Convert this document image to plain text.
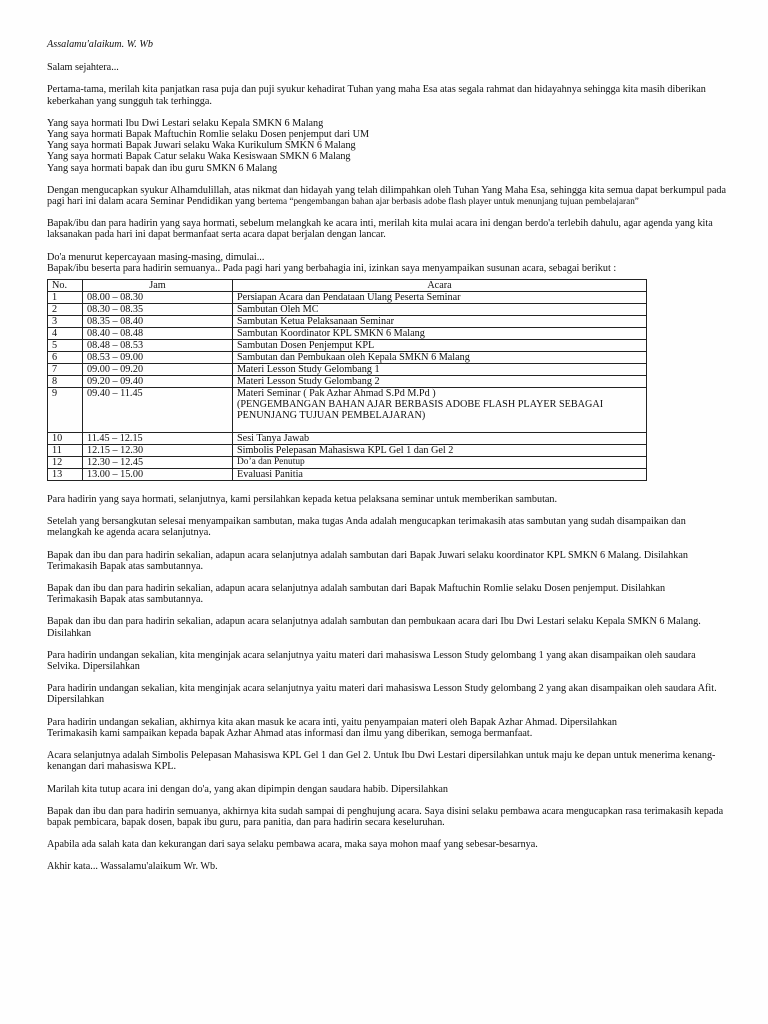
Assalamu'alaikum. W. Wb

Salam sejahtera...

Pertama-tama, merilah kita panjatkan rasa puja dan puji syukur kehadirat Tuhan yang maha Esa atas segala rahmat dan hidayahnya sehingga kita masih diberikan keberkahan yang sungguh tak terhingga.

Yang saya hormati Ibu Dwi Lestari selaku Kepala SMKN 6 Malang

Yang saya hormati Bapak Maftuchin Romlie selaku Dosen penjemput dari UM

Yang saya hormati Bapak Juwari selaku Waka Kurikulum SMKN 6 Malang

Yang saya hormati Bapak Catur selaku Waka Kesiswaan SMKN 6 Malang

Yang saya hormati bapak dan ibu guru SMKN 6 Malang

Dengan mengucapkan syukur Alhamdulillah, atas nikmat dan hidayah yang telah dilimpahkan oleh Tuhan Yang Maha Esa, sehingga kita semua dapat berkumpul pada pagi hari ini dalam acara Seminar Pendidikan yang bertema “pengembangan bahan ajar berbasis adobe flash player untuk menunjang tujuan pembelajaran”

Bapak/ibu dan para hadirin yang saya hormati, sebelum melangkah ke acara inti, merilah kita mulai acara ini dengan berdo'a terlebih dahulu, agar agenda yang kita laksanakan pada hari ini dapat bermanfaat serta acara dapat berjalan dengan lancar.

Do'a menurut kepercayaan masing-masing, dimulai...

Bapak/ibu beserta para hadirin semuanya.. Pada pagi hari yang berbahagia ini, izinkan saya menyampaikan susunan acara, sebagai berikut :

No.	Jam	Acara
1	08.00 – 08.30	Persiapan Acara dan Pendataan Ulang Peserta Seminar
2	08.30 – 08.35	Sambutan Oleh MC
3	08.35 – 08.40	Sambutan Ketua Pelaksanaan Seminar
4	08.40 – 08.48	Sambutan Koordinator KPL SMKN 6 Malang
5	08.48 – 08.53	Sambutan Dosen Penjemput KPL
6	08.53 – 09.00	Sambutan dan Pembukaan oleh Kepala SMKN 6 Malang
7	09.00 – 09.20	Materi Lesson Study Gelombang 1
8	09.20 – 09.40	Materi Lesson Study Gelombang 2
9	09.40 – 11.45	Materi Seminar ( Pak Azhar Ahmad S.Pd M.Pd )
(PENGEMBANGAN BAHAN AJAR BERBASIS ADOBE FLASH PLAYER SEBAGAI PENUNJANG TUJUAN PEMBELAJARAN)
10	11.45 – 12.15	Sesi Tanya Jawab
11	12.15 – 12.30	Simbolis Pelepasan Mahasiswa KPL Gel 1 dan Gel 2
12	12.30 – 12.45	Do’a dan Penutup
13	13.00 – 15.00	Evaluasi Panitia

Para hadirin yang saya hormati, selanjutnya, kami persilahkan kepada ketua pelaksana seminar untuk memberikan sambutan.

Setelah yang bersangkutan selesai menyampaikan sambutan, maka tugas Anda adalah mengucapkan terimakasih atas sambutan yang sudah disampaikan dan melangkah ke agenda acara selanjutnya.

Bapak dan ibu dan para hadirin sekalian, adapun acara selanjutnya adalah sambutan dari Bapak Juwari selaku koordinator KPL SMKN 6 Malang. Disilahkan
Terimakasih Bapak atas sambutannya.

Bapak dan ibu dan para hadirin sekalian, adapun acara selanjutnya adalah sambutan dari Bapak Maftuchin Romlie selaku Dosen penjemput. Disilahkan
Terimakasih Bapak atas sambutannya.

Bapak dan ibu dan para hadirin sekalian, adapun acara selanjutnya adalah sambutan dan pembukaan acara dari Ibu Dwi Lestari selaku Kepala SMKN 6 Malang. Disilahkan

Para hadirin undangan sekalian, kita menginjak acara selanjutnya yaitu materi dari mahasiswa Lesson Study gelombang 1 yang akan disampaikan oleh saudara Selvika. Dipersilahkan

Para hadirin undangan sekalian, kita menginjak acara selanjutnya yaitu materi dari mahasiswa Lesson Study gelombang 2 yang akan disampaikan oleh saudara Afit. Dipersilahkan

Para hadirin undangan sekalian, akhirnya kita akan masuk ke acara inti, yaitu penyampaian materi oleh Bapak Azhar Ahmad. Dipersilahkan
Terimakasih kami sampaikan kepada bapak Azhar Ahmad atas informasi dan ilmu yang diberikan, semoga bermanfaat.

Acara selanjutnya adalah Simbolis Pelepasan Mahasiswa KPL Gel 1 dan Gel 2. Untuk Ibu Dwi Lestari dipersilahkan untuk maju ke depan untuk menerima kenang-kenangan dari mahasiswa KPL.

Marilah kita tutup acara ini dengan do'a, yang akan dipimpin dengan saudara habib. Dipersilahkan

Bapak dan ibu dan para hadirin semuanya, akhirnya kita sudah sampai di penghujung acara. Saya disini selaku pembawa acara mengucapkan rasa terimakasih kepada bapak pembicara, bapak dosen, bapak ibu guru, para panitia, dan para hadirin secara keseluruhan.

Apabila ada salah kata dan kekurangan dari saya selaku pembawa acara, maka saya mohon maaf yang sebesar-besarnya.

Akhir kata... Wassalamu'alaikum Wr. Wb.
